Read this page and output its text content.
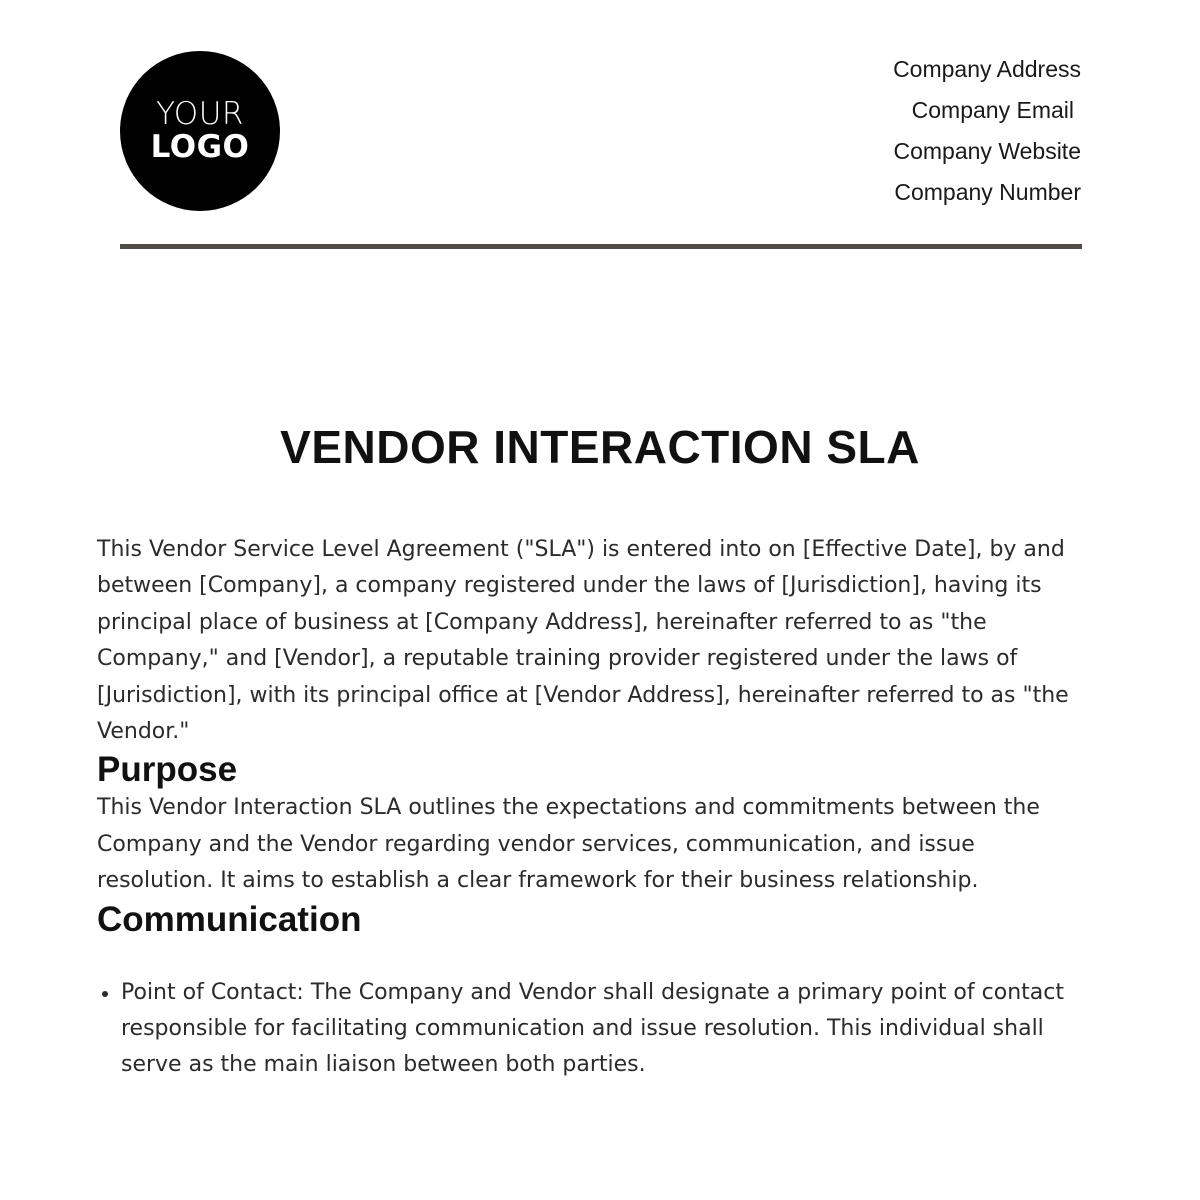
YOUR
LOGO
Company Address
Company Email
Company Website
Company Number
VENDOR INTERACTION SLA

This Vendor Service Level Agreement ("SLA") is entered into on [Effective Date], by and between [Company], a company registered under the laws of [Jurisdiction], having its principal place of business at [Company Address], hereinafter referred to as "the Company," and [Vendor], a reputable training provider registered under the laws of [Jurisdiction], with its principal office at [Vendor Address], hereinafter referred to as "the Vendor."

Purpose

This Vendor Interaction SLA outlines the expectations and commitments between the Company and the Vendor regarding vendor services, communication, and issue resolution. It aims to establish a clear framework for their business relationship.

Communication
Point of Contact: The Company and Vendor shall designate a primary point of contact responsible for facilitating communication and issue resolution. This individual shall serve as the main liaison between both parties.
